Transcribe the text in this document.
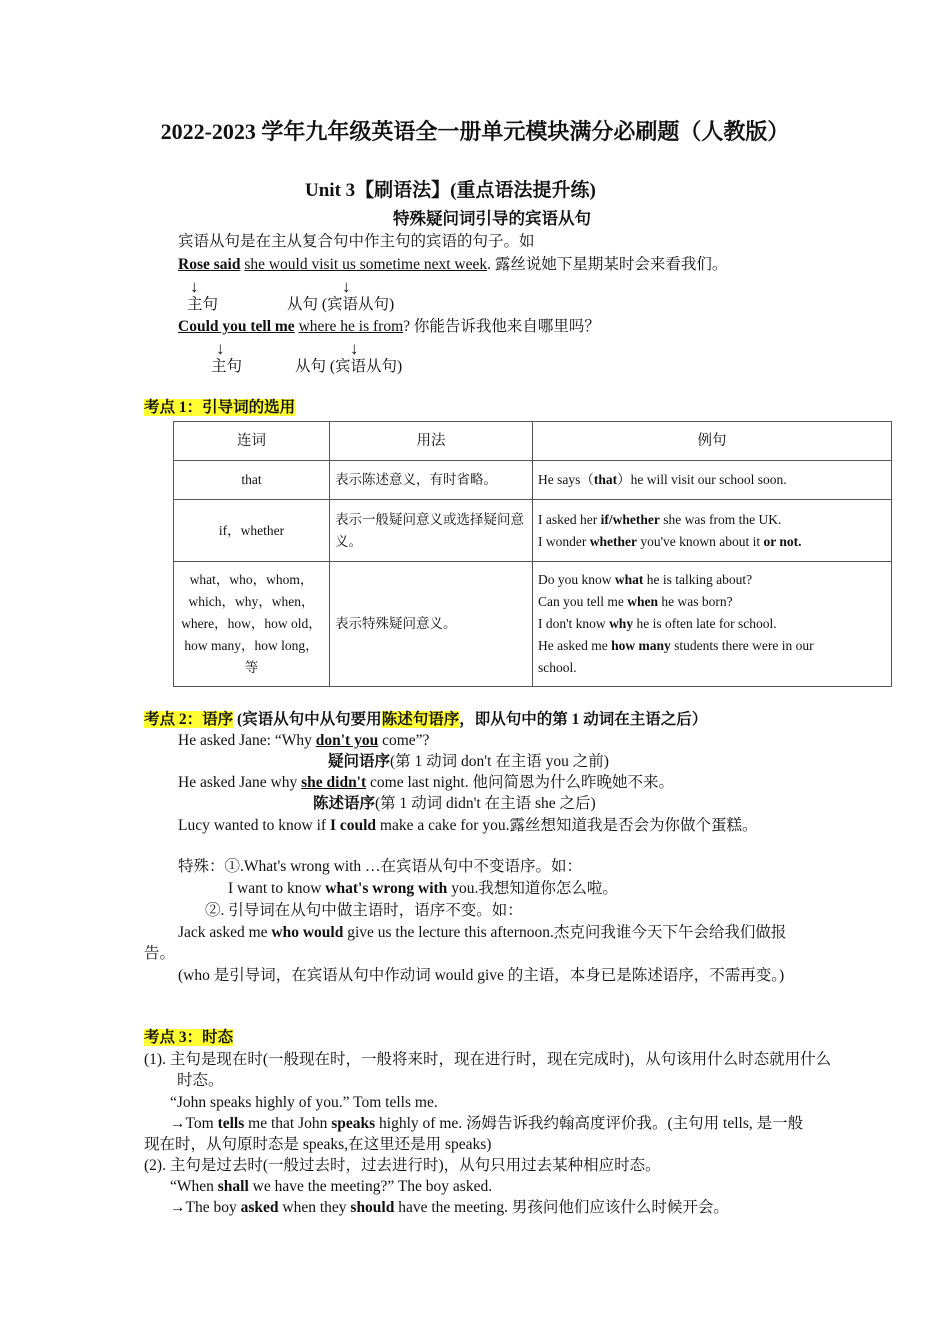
2022-2023 学年九年级英语全一册单元模块满分必刷题（人教版）
Unit 3【刷语法】(重点语法提升练)
特殊疑问词引导的宾语从句
宾语从句是在主从复合句中作主句的宾语的句子。如
Rose said she would visit us sometime next week. 露丝说她下星期某时会来看我们。
↓	↓
主句	从句 (宾语从句)
Could you tell me where he is from? 你能告诉我他来自哪里吗？
↓	↓
主句	从句 (宾语从句)
考点 1：引导词的选用
连词	用法	例句
that	表示陈述意义，有时省略。	He says（that）he will visit our school soon.

if，whether	表示一般疑问意义或选择疑问意义。	I asked her if/whether she was from the UK.
I wonder whether you've known about it or not.

what，who，whom，which，why，when，where，how，how old，how many，how long，等	表示特殊疑问意义。	Do you know what he is talking about?
Can you tell me when he was born?
I don't know why he is often late for school.
He asked me how many students there were in our
school.
考点 2：语序 (宾语从句中从句要用陈述句语序，即从句中的第 1 动词在主语之后）
He asked Jane: “Why don't you come”?
疑问语序(第 1 动词 don't 在主语 you 之前)
He asked Jane why she didn't come last night. 他问简恩为什么昨晚她不来。
陈述语序(第 1 动词 didn't 在主语 she 之后)
Lucy wanted to know if I could make a cake for you.露丝想知道我是否会为你做个蛋糕。
特殊：①.What's wrong with …在宾语从句中不变语序。如：
I want to know what's wrong with you.我想知道你怎么啦。
②. 引导词在从句中做主语时，语序不变。如：
Jack asked me who would give us the lecture this afternoon.杰克问我谁今天下午会给我们做报告。
(who 是引导词，在宾语从句中作动词 would give 的主语，本身已是陈述语序，不需再变。)
考点 3：时态
(1). 主句是现在时(一般现在时，一般将来时，现在进行时，现在完成时)，从句该用什么时态就用什么时态。
“John speaks highly of you.” Tom tells me.
→Tom tells me that John speaks highly of me. 汤姆告诉我约翰高度评价我。(主句用 tells, 是一般现在时，从句原时态是 speaks,在这里还是用 speaks)
(2). 主句是过去时(一般过去时，过去进行时)，从句只用过去某种相应时态。
“When shall we have the meeting?” The boy asked.
→The boy asked when they should have the meeting. 男孩问他们应该什么时候开会。
